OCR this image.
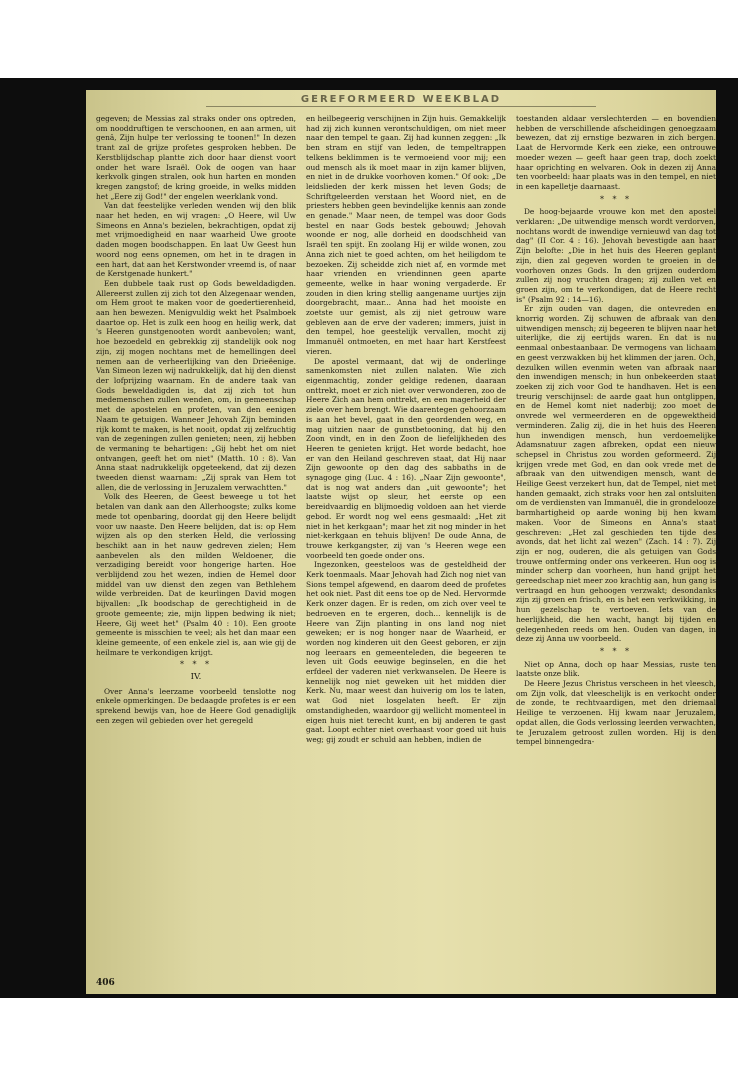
GEREFORMEERD WEEKBLAD

gegeven; de Messias zal straks onder ons optreden, om nooddruftigen te verschoonen, en aan armen, uit genâ, Zijn hulpe ter verlossing te toonen!" In dezen trant zal de grijze profetes gesproken hebben. De Kerstblijdschap plantte zich door haar dienst voort onder het ware Israël. Ook de oogen van haar kerkvolk gingen stralen, ook hun harten en monden kregen zangstof; de kring groeide, in welks midden het „Eere zij God!" der engelen weerklank vond.

Van dat feestelijke verleden wenden wij den blik naar het heden, en wij vragen: „O Heere, wil Uw Simeons en Anna's bezielen, bekrachtigen, opdat zij met vrijmoedigheid en naar waarheid Uwe groote daden mogen boodschappen. En laat Uw Geest hun woord nog eens opnemen, om het in te dragen in een hart, dat aan het Kerstwonder vreemd is, of naar de Kerstgenade hunkert."

Een dubbele taak rust op Gods beweldadigden. Allereerst zullen zij zich tot den Alzegenaar wenden, om Hem groot te maken voor de goedertierenheid, aan hen bewezen. Menigvuldig wekt het Psalmboek daartoe op. Het is zulk een hoog en heilig werk, dat 's Heeren gunstgenooten wordt aanbevolen; want, hoe bezoedeld en gebrekkig zij standelijk ook nog zijn, zij mogen nochtans met de hemellingen deel nemen aan de verheerlijking van den Drieëenige. Van Simeon lezen wij nadrukkelijk, dat hij den dienst der lofprijzing waarnam. En de andere taak van Gods beweldadigden is, dat zij zich tot hun medemenschen zullen wenden, om, in gemeenschap met de apostelen en profeten, van den eenigen Naam te getuigen. Wanneer Jehovah Zijn beminden rijk komt te maken, is het nooit, opdat zij zelfzuchtig van de zegeningen zullen genieten; neen, zij hebben de vermaning te behartigen: „Gij hebt het om niet ontvangen, geeft het om niet" (Matth. 10 : 8). Van Anna staat nadrukkelijk opgeteekend, dat zij dezen tweeden dienst waarnam: „Zij sprak van Hem tot allen, die de verlossing in Jeruzalem verwachtten."

Volk des Heeren, de Geest beweege u tot het betalen van dank aan den Allerhoogste; zulks kome mede tot openbaring, doordat gij den Heere belijdt voor uw naaste. Den Heere belijden, dat is: op Hem wijzen als op den sterken Held, die verlossing beschikt aan in het nauw gedreven zielen; Hem aanbevelen als den milden Weldoener, die verzadiging bereidt voor hongerige harten. Hoe verblijdend zou het wezen, indien de Hemel door middel van uw dienst den zegen van Bethlehem wilde verbreiden. Dat de keurlingen David mogen bijvallen: „Ik boodschap de gerechtigheid in de groote gemeente; zie, mijn lippen bedwing ik niet; Heere, Gij weet het" (Psalm 40 : 10). Een groote gemeente is misschien te veel; als het dan maar een kleine gemeente, of een enkele ziel is, aan wie gij de heilmare te verkondigen krijgt.

* * *

IV.

Over Anna's leerzame voorbeeld tenslotte nog enkele opmerkingen. De bedaagde profetes is er een sprekend bewijs van, hoe de Heere God genadiglijk een zegen wil gebieden over het geregeld

en heilbegeerig verschijnen in Zijn huis. Gemakkelijk had zij zich kunnen verontschuldigen, om niet meer naar den tempel te gaan. Zij had kunnen zeggen: „Ik ben stram en stijf van leden, de tempeltrappen telkens beklimmen is te vermoeiend voor mij; een oud mensch als ik moet maar in zijn kamer blijven, en niet in de drukke voorhoven komen." Of ook: „De leidslieden der kerk missen het leven Gods; de Schriftgeleerden verstaan het Woord niet, en de priesters hebben geen bevindelijke kennis aan zonde en genade." Maar neen, de tempel was door Gods bestel en naar Gods bestek gebouwd; Jehovah woonde er nog, alle dorheid en doodschheid van Israël ten spijt. En zoolang Hij er wilde wonen, zou Anna zich niet te goed achten, om het heiligdom te bezoeken. Zij scheidde zich niet af, en vormde met haar vrienden en vriendinnen geen aparte gemeente, welke in haar woning vergaderde. Er zouden in dien kring stellig aangename uurtjes zijn doorgebracht, maar... Anna had het mooiste en zoetste uur gemist, als zij niet getrouw ware gebleven aan de erve der vaderen; immers, juist in den tempel, hoe geestelijk vervallen, mocht zij Immanuël ontmoeten, en met haar hart Kerstfeest vieren.

De apostel vermaant, dat wij de onderlinge samenkomsten niet zullen nalaten. Wie zich eigenmachtig, zonder geldige redenen, daaraan onttrekt, moet er zich niet over verwonderen, zoo de Heere Zich aan hem onttrekt, en een magerheid der ziele over hem brengt. Wie daarentegen gehoorzaam is aan het bevel, gaat in den geordenden weg, en mag uitzien naar de gunstbetooning, dat hij den Zoon vindt, en in den Zoon de liefelijkheden des Heeren te genieten krijgt. Het worde bedacht, hoe er van den Heiland geschreven staat, dat Hij naar Zijn gewoonte op den dag des sabbaths in de synagoge ging (Luc. 4 : 16). „Naar Zijn gewoonte", dat is nog wat anders dan „uit gewoonte"; het laatste wijst op sleur, het eerste op een bereidvaardig en blijmoedig voldoen aan het vierde gebod. Er wordt nog wel eens gesmaald: „Het zit niet in het kerkgaan"; maar het zit nog minder in het niet-kerkgaan en tehuis blijven! De oude Anna, de trouwe kerkgangster, zij van 's Heeren wege een voorbeeld ten goede onder ons.

Ingezonken, geesteloos was de gesteldheid der Kerk toenmaals. Maar Jehovah had Zich nog niet van Sions tempel afgewend, en daarom deed de profetes het ook niet. Past dit eens toe op de Ned. Hervormde Kerk onzer dagen. Er is reden, om zich over veel te bedroeven en te ergeren, doch... kennelijk is de Heere van Zijn planting in ons land nog niet geweken; er is nog honger naar de Waarheid, er worden nog kinderen uit den Geest geboren, er zijn nog leeraars en gemeenteleden, die begeeren te leven uit Gods eeuwige beginselen, en die het erfdeel der vaderen niet verkwanselen. De Heere is kennelijk nog niet geweken uit het midden dier Kerk. Nu, maar weest dan huiverig om los te laten, wat God niet losgelaten heeft. Er zijn omstandigheden, waardoor gij wellicht momenteel in eigen huis niet terecht kunt, en bij anderen te gast gaat. Loopt echter niet overhaast voor goed uit huis weg; gij zoudt er schuld aan hebben, indien de

toestanden aldaar verslechterden — en bovendien hebben de verschillende afscheidingen genoegzaam bewezen, dat zij ernstige bezwaren in zich bergen. Laat de Hervormde Kerk een zieke, een ontrouwe moeder wezen — geeft haar geen trap, doch zoekt haar oprichting en welvaren. Ook in dezen zij Anna ten voorbeeld: haar plaats was in den tempel, en niet in een kapelletje daarnaast.

* * *

De hoog-bejaarde vrouwe kon met den apostel verklaren: „De uitwendige mensch wordt verdorven, nochtans wordt de inwendige vernieuwd van dag tot dag" (II Cor. 4 : 16). Jehovah bevestigde aan haar Zijn belofte: „Die in het huis des Heeren geplant zijn, dien zal gegeven worden te groeien in de voorhoven onzes Gods. In den grijzen ouderdom zullen zij nog vruchten dragen; zij zullen vet en groen zijn, om te verkondigen, dat de Heere recht is" (Psalm 92 : 14—16).

Er zijn ouden van dagen, die ontevreden en knorrig worden. Zij schuwen de afbraak van den uitwendigen mensch; zij begeeren te blijven naar het uiterlijke, die zij eertijds waren. En dat is nu eenmaal onbestaanbaar. De vermogens van lichaam en geest verzwakken bij het klimmen der jaren. Och, dezulken willen evenmin weten van afbraak naar den inwendigen mensch; in hun onbekeerden staat zoeken zij zich voor God te handhaven. Het is een treurig verschijnsel: de aarde gaat hun ontglippen, en de Hemel komt niet naderbij; zoo moet de onvrede wel vermeerderen en de opgewektheid verminderen. Zalig zij, die in het huis des Heeren hun inwendigen mensch, hun verdoemelijke Adamsnatuur zagen afbreken, opdat een nieuw schepsel in Christus zou worden geformeerd. Zij krijgen vrede met God, en dan ook vrede met de afbraak van den uitwendigen mensch, want de Heilige Geest verzekert hun, dat de Tempel, niet met handen gemaakt, zich straks voor hen zal ontsluiten om de verdiensten van Immanuël, die in grondelooze barmhartigheid op aarde woning bij hen kwam maken. Voor de Simeons en Anna's staat geschreven: „Het zal geschieden ten tijde des avonds, dat het licht zal wezen" (Zach. 14 : 7). Zij zijn er nog, ouderen, die als getuigen van Gods trouwe ontferming onder ons verkeeren. Hun oog is minder scherp dan voorheen, hun hand grijpt het gereedschap niet meer zoo krachtig aan, hun gang is vertraagd en hun gehoogen verzwakt; desondanks zijn zij groen en frisch, en is het een verkwikking, in hun gezelschap te vertoeven. Iets van de heerlijkheid, die hen wacht, hangt bij tijden en gelegenheden reeds om hen. Ouden van dagen, in deze zij Anna uw voorbeeld.

* * *

Niet op Anna, doch op haar Messias, ruste ten laatste onze blik.

De Heere Jezus Christus verscheen in het vleesch, om Zijn volk, dat vleeschelijk is en verkocht onder de zonde, te rechtvaardigen, met den driemaal Heilige te verzoenen. Hij kwam naar Jeruzalem, opdat allen, die Gods verlossing leerden verwachten, te Jeruzalem getroost zullen worden. Hij is den tempel binnengedra-

406
